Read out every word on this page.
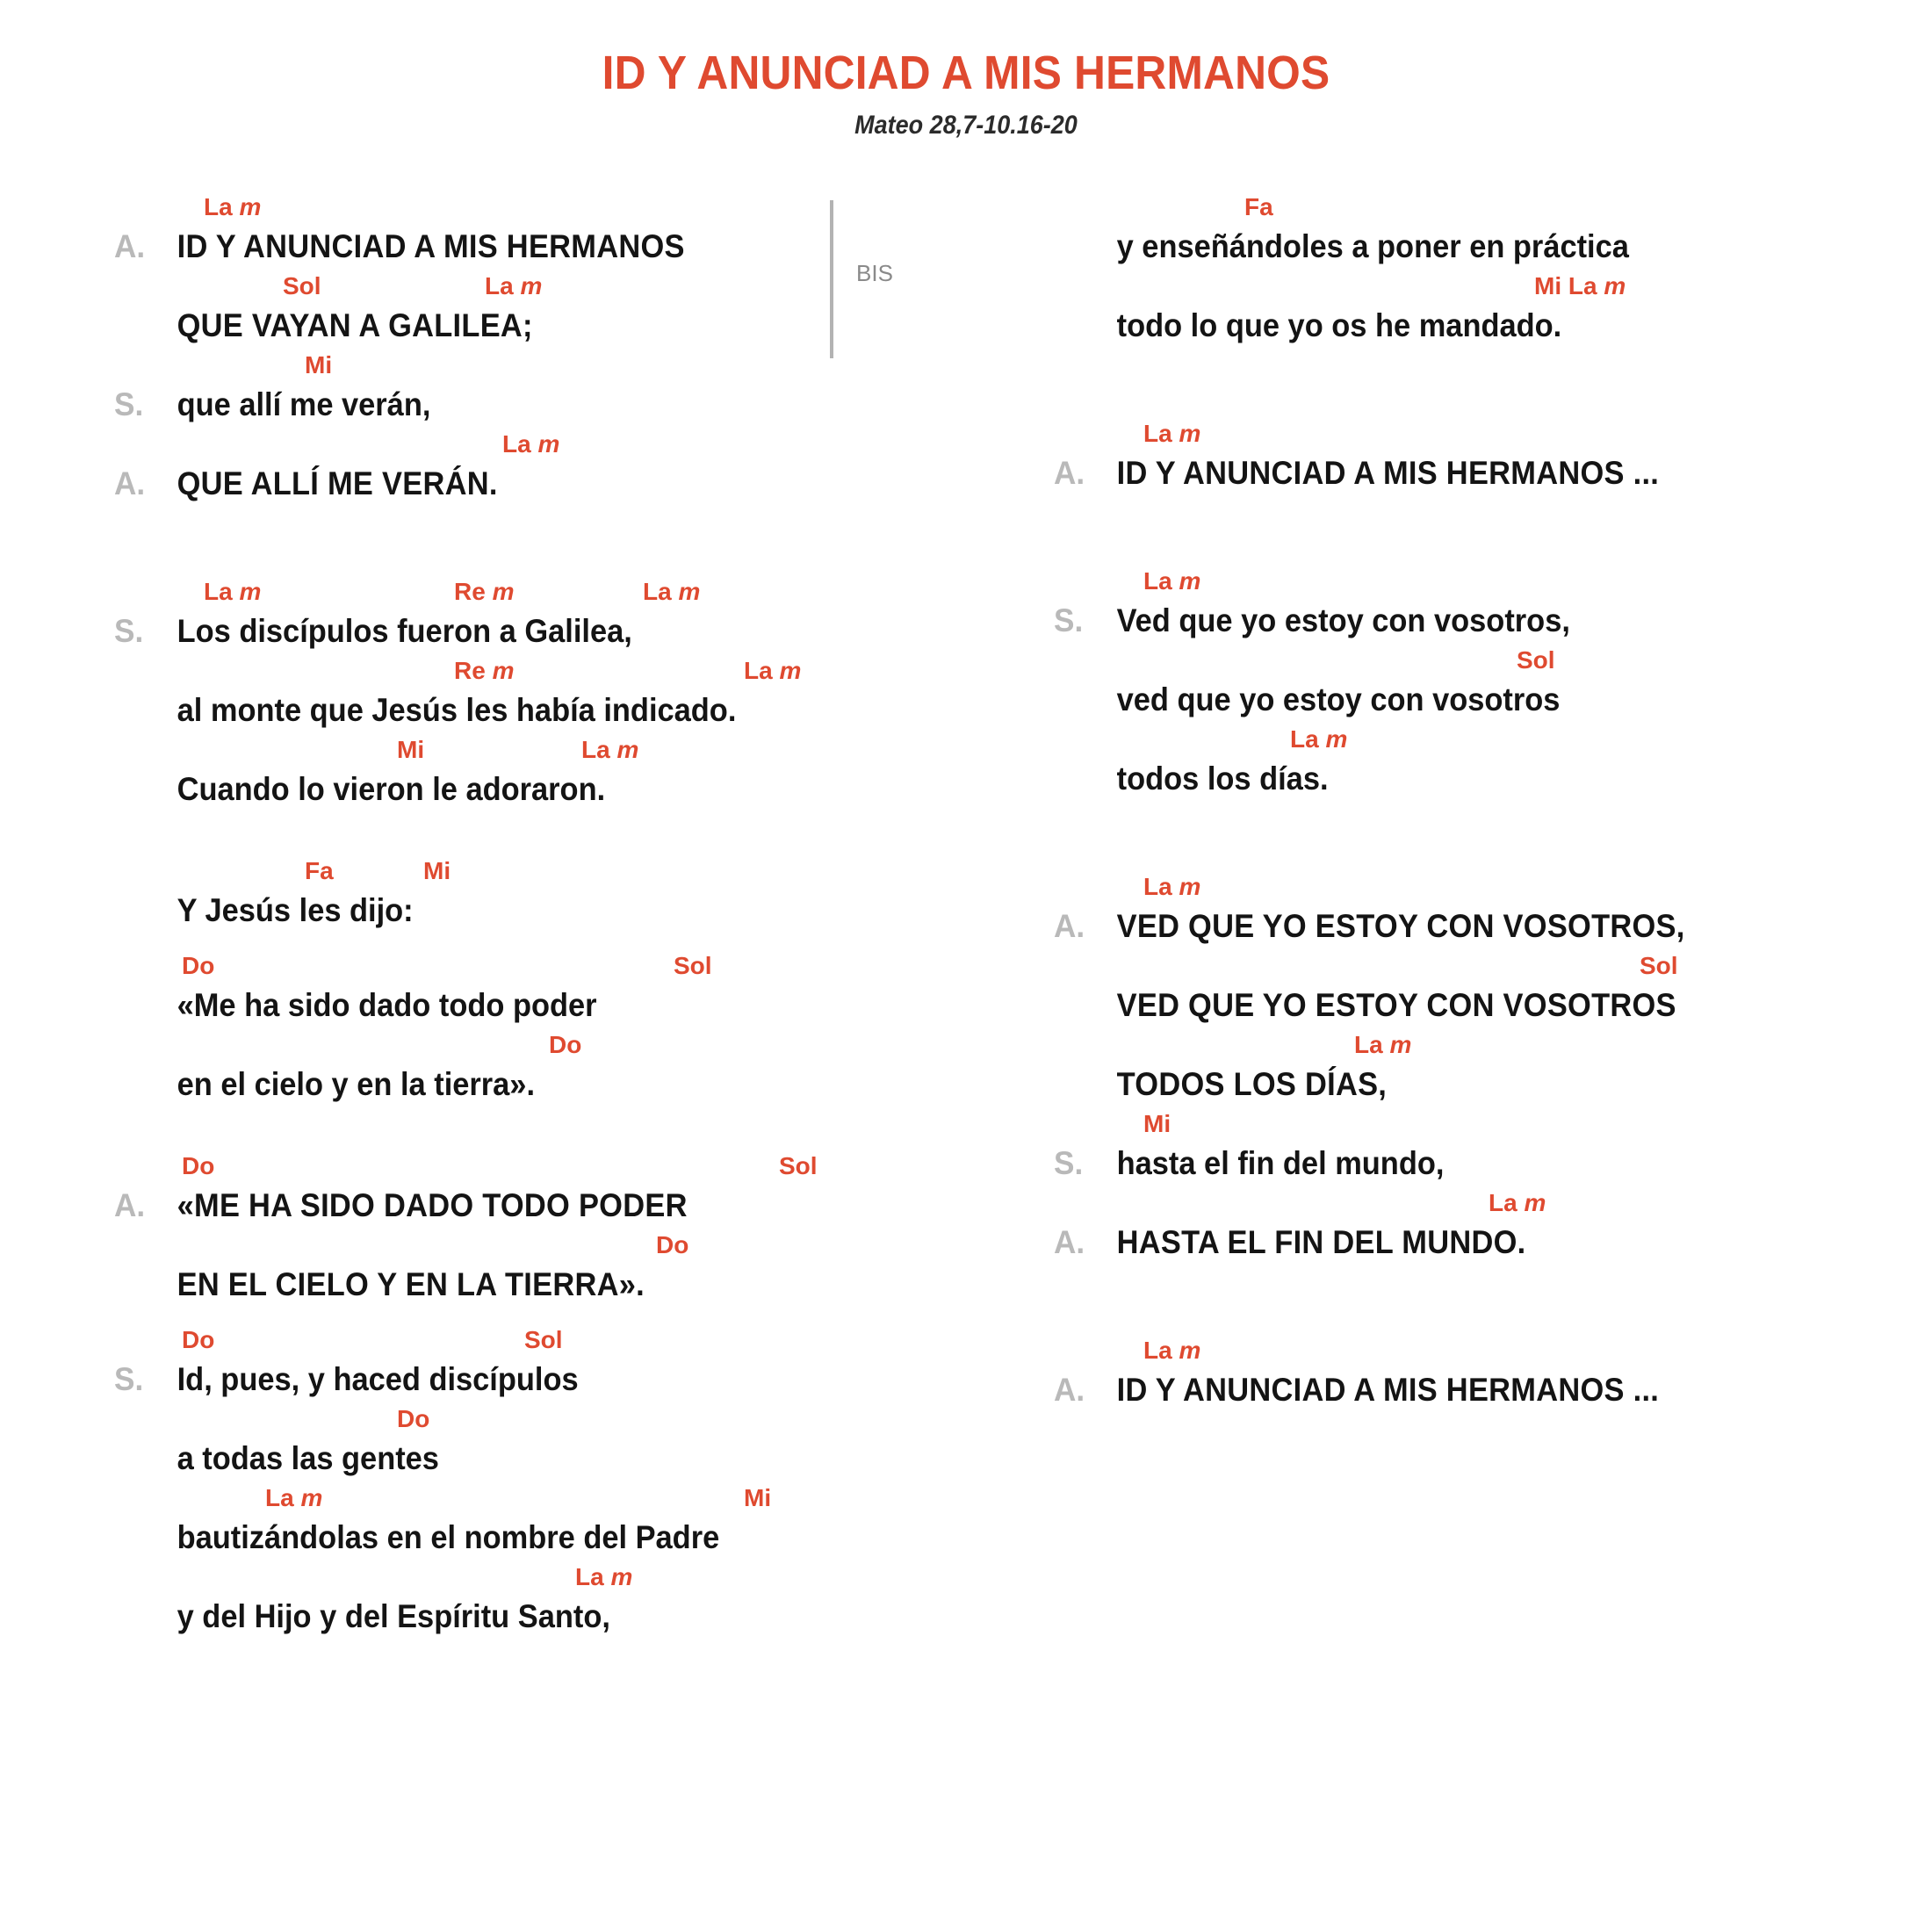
ID Y ANUNCIAD A MIS HERMANOS
Mateo 28,7-10.16-20
BIS
La m
A. ID Y ANUNCIAD A MIS HERMANOS
Sol	La m
QUE VAYAN A GALILEA;
Mi
S.	que allí me verán,
La m
A. QUE ALLÍ ME VERÁN.
La m	Re m	La m
S.	Los discípulos fueron a Galilea,
Re m	La m
al monte que Jesús les había indicado.
Mi	La m
Cuando lo vieron le adoraron.
Fa	Mi
Y Jesús les dijo:
Do	Sol
«Me ha sido dado todo poder
Do
en el cielo y en la tierra».
Do	Sol
A. «ME HA SIDO DADO TODO PODER
Do
EN EL CIELO Y EN LA TIERRA».
Do	Sol
S.	Id, pues, y haced discípulos
Do
a todas las gentes
La m	Mi
bautizándolas en el nombre del Padre
La m
y del Hijo y del Espíritu Santo,
Fa
y enseñándoles a poner en práctica
Mi La m
todo lo que yo os he mandado.
La m
A. ID Y ANUNCIAD A MIS HERMANOS ...
La m
S.	Ved que yo estoy con vosotros,
Sol
ved que yo estoy con vosotros
La m
todos los días.
La m
A. VED QUE YO ESTOY CON VOSOTROS,
Sol
VED QUE YO ESTOY CON VOSOTROS
La m
TODOS LOS DÍAS,
Mi
S.	hasta el fin del mundo,
La m
A. HASTA EL FIN DEL MUNDO.
La m
A. ID Y ANUNCIAD A MIS HERMANOS ...
